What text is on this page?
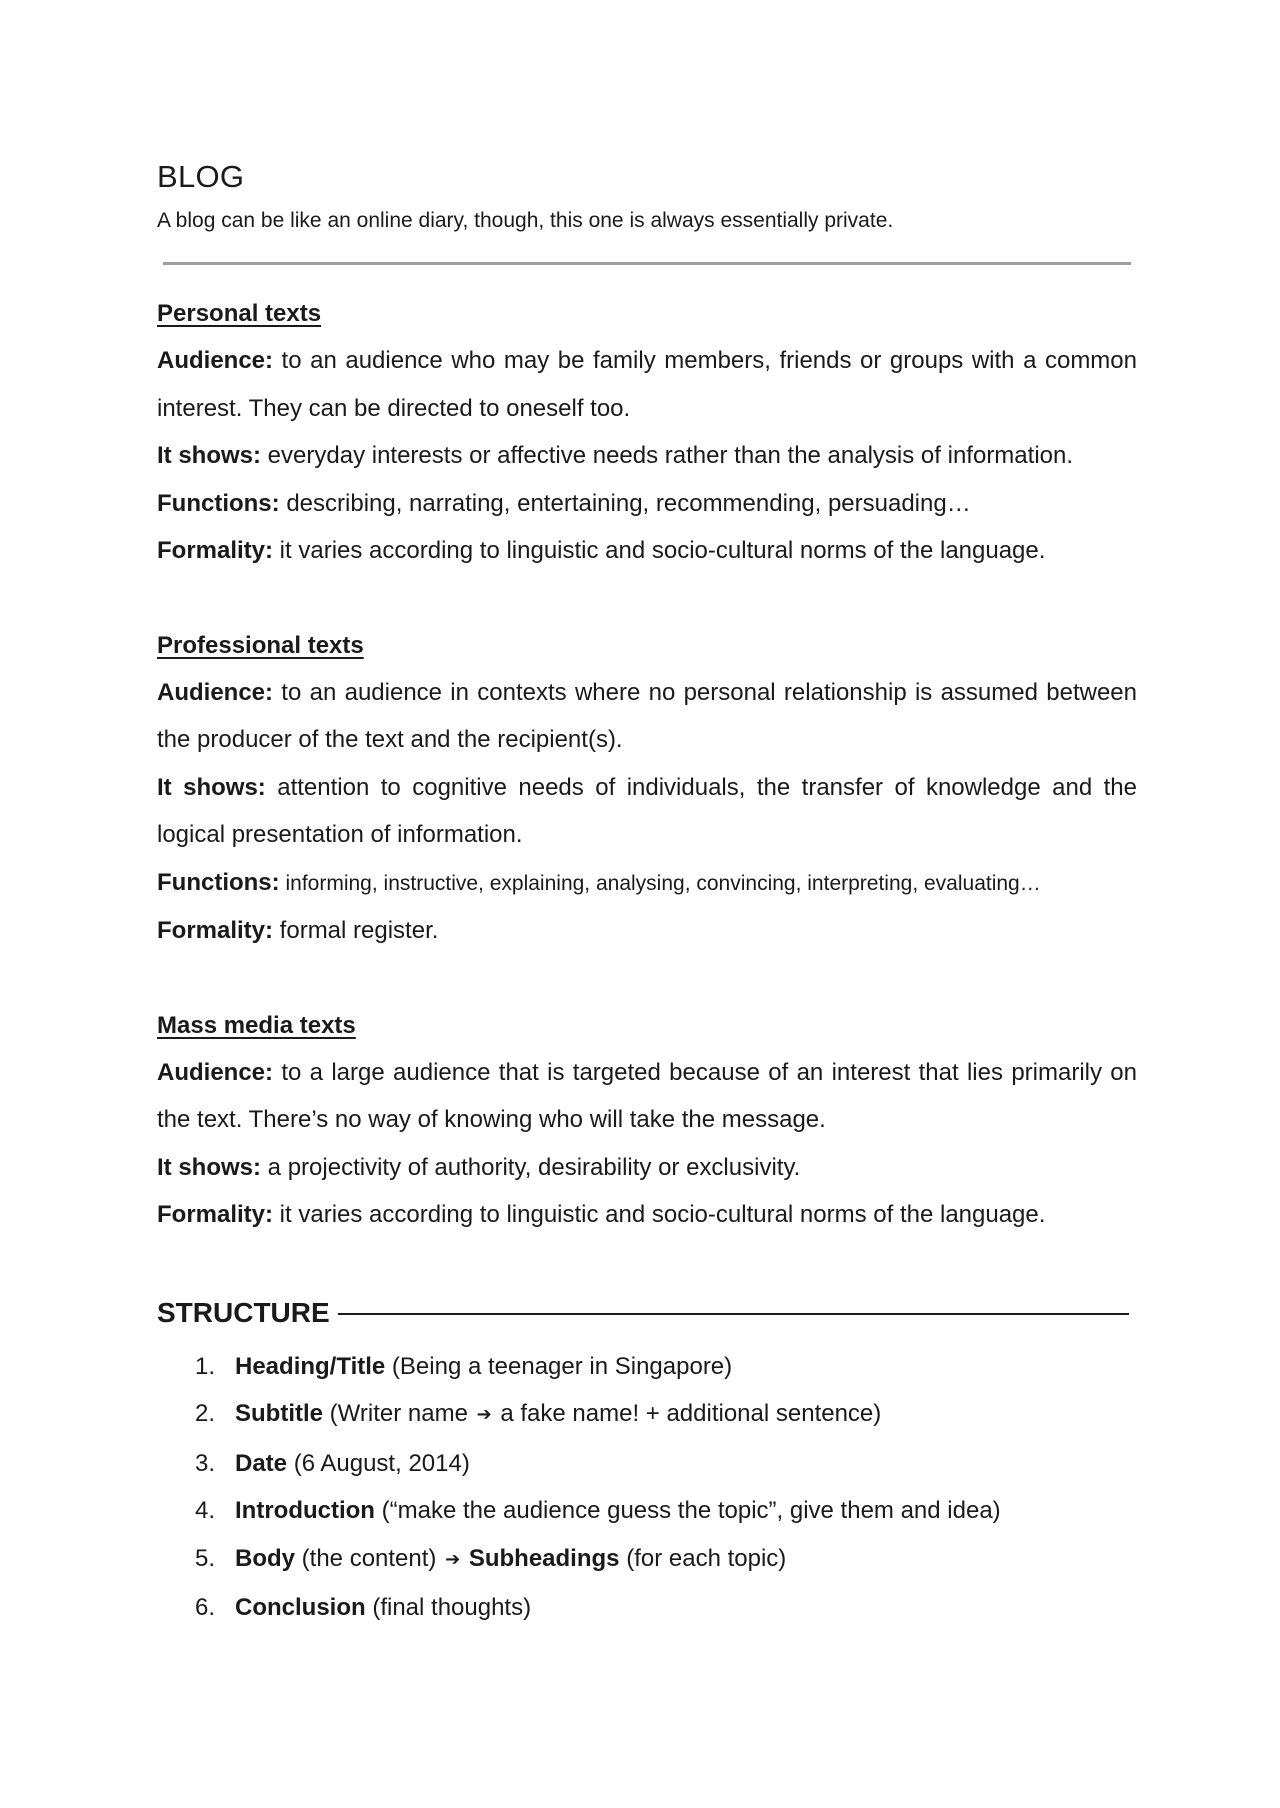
BLOG

A blog can be like an online diary, though, this one is always essentially private.

Personal texts

Audience: to an audience who may be family members, friends or groups with a common interest. They can be directed to oneself too.

It shows: everyday interests or affective needs rather than the analysis of information.

Functions: describing, narrating, entertaining, recommending, persuading…

Formality: it varies according to linguistic and socio-cultural norms of the language.

Professional texts

Audience: to an audience in contexts where no personal relationship is assumed between the producer of the text and the recipient(s).

It shows: attention to cognitive needs of individuals, the transfer of knowledge and the logical presentation of information.

Functions: informing, instructive, explaining, analysing, convincing, interpreting, evaluating…

Formality: formal register.

Mass media texts

Audience: to a large audience that is targeted because of an interest that lies primarily on the text. There’s no way of knowing who will take the message.

It shows: a projectivity of authority, desirability or exclusivity.

Formality: it varies according to linguistic and socio-cultural norms of the language.

STRUCTURE
1. Heading/Title (Being a teenager in Singapore)
2. Subtitle (Writer name ➔ a fake name! + additional sentence)
3. Date (6 August, 2014)
4. Introduction (“make the audience guess the topic”, give them and idea)
5. Body (the content) ➔ Subheadings (for each topic)
6. Conclusion (final thoughts)
